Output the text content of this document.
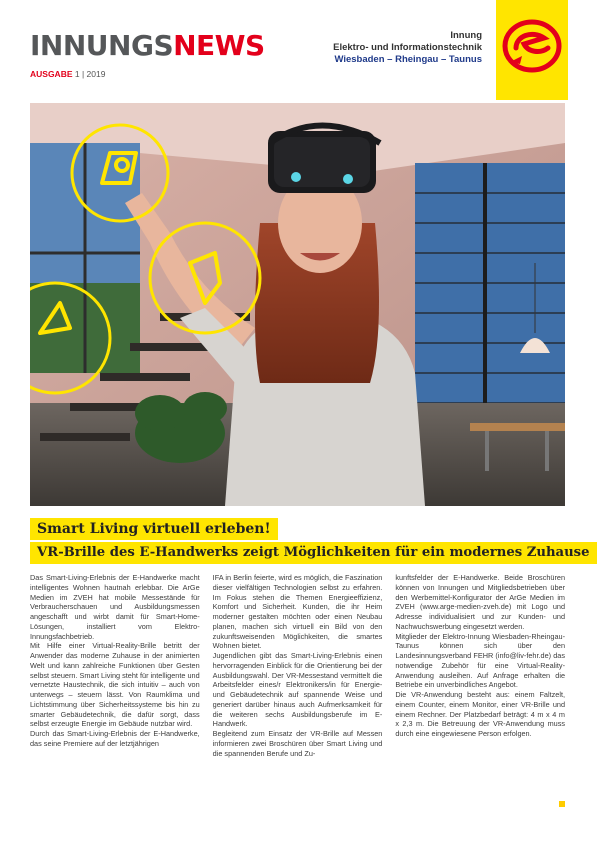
INNUNGSNEWS
AUSGABE 1 | 2019
Innung
Elektro- und Informationstechnik
Wiesbaden – Rheingau – Taunus
Smart Living virtuell erleben!
VR-Brille des E-Handwerks zeigt Möglichkeiten für ein modernes Zuhause

Das Smart-Living-Erlebnis der E-Handwerke macht intelligentes Wohnen hautnah erlebbar. Die ArGe Medien im ZVEH hat mobile Messestände für Verbraucherschauen und Ausbildungsmessen angeschafft und wirbt damit für Smart-Home-Lösungen, installiert vom Elektro-Innungsfachbetrieb.

Mit Hilfe einer Virtual-Reality-Brille betritt der Anwender das moderne Zuhause in der animierten Welt und kann zahlreiche Funktionen über Gesten selbst steuern. Smart Living steht für intelligente und vernetzte Haustechnik, die sich intuitiv – auch von unterwegs – steuern lässt. Von Raumklima und Lichtstimmung über Sicherheitssysteme bis hin zu smarter Gebäudetechnik, die dafür sorgt, dass selbst erzeugte Energie im Gebäude nutzbar wird.

Durch das Smart-Living-Erlebnis der E-Handwerke, das seine Premiere auf der letztjährigen

IFA in Berlin feierte, wird es möglich, die Faszination dieser vielfältigen Technologien selbst zu erfahren. Im Fokus stehen die Themen Energieeffizienz, Komfort und Sicherheit. Kunden, die ihr Heim moderner gestalten möchten oder einen Neubau planen, machen sich virtuell ein Bild von den zukunftsweisenden Möglichkeiten, die smartes Wohnen bietet.

Jugendlichen gibt das Smart-Living-Erlebnis einen hervorragenden Einblick für die Orientierung bei der Ausbildungswahl. Der VR-Messestand vermittelt die Arbeitsfelder eines/r Elektronikers/in für Energie- und Gebäudetechnik auf spannende Weise und generiert darüber hinaus auch Aufmerksamkeit für die weiteren sechs Ausbildungsberufe im E-Handwerk.

Begleitend zum Einsatz der VR-Brille auf Messen informieren zwei Broschüren über Smart Living und die spannenden Berufe und Zu-

kunftsfelder der E-Handwerke. Beide Broschüren können von Innungen und Mitgliedsbetrieben über den Werbemittel-Konfigurator der ArGe Medien im ZVEH (www.arge-medien-zveh.de) mit Logo und Adresse individualisiert und zur Kunden- und Nachwuchswerbung eingesetzt werden.

Mitglieder der Elektro-Innung Wiesbaden-Rheingau-Taunus können sich über den Landesinnungsverband FEHR (info@liv-fehr.de) das notwendige Zubehör für eine Virtual-Reality-Anwendung ausleihen. Auf Anfrage erhalten die Betriebe ein unverbindliches Angebot.

Die VR-Anwendung besteht aus: einem Faltzelt, einem Counter, einem Monitor, einer VR-Brille und einem Rechner. Der Platzbedarf beträgt: 4 m x 4 m x 2,3 m. Die Betreuung der VR-Anwendung muss durch eine eingewiesene Person erfolgen.
